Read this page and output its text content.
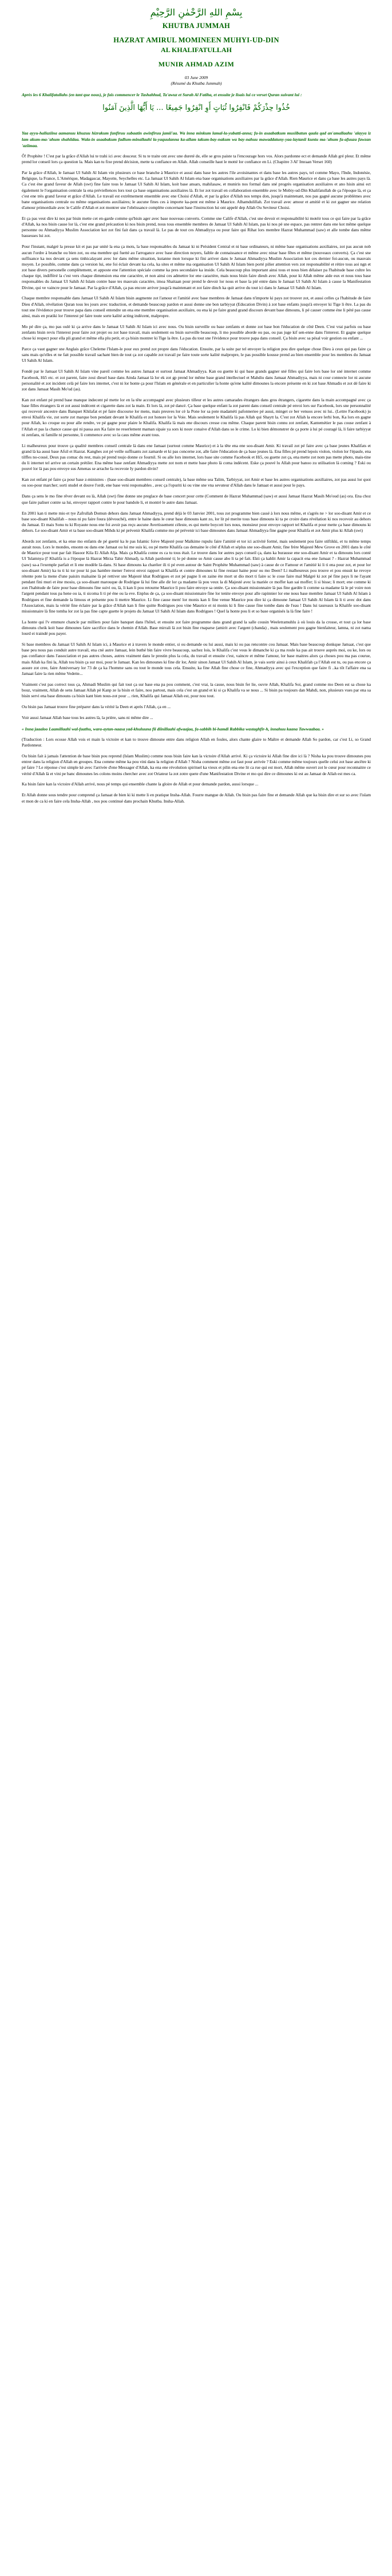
بِسْمِ اللهِ الرَّحْمٰنِ الرَّحِيْمِ
KHUTBA JUMMAH
HAZRAT AMIRUL MOMINEEN MUHYI-UD-DIN
AL KHALIFATULLAH
MUNIR AHMAD AZIM
03 June 2009
(Résumé du Khutba Jummah)
Après les 6 Khalifatullahs (en tant que nous), je fais commencer le Tashahhud, Ta'awuz et Surah Al Fatiha, et ensuite je lisais lui ce verset Quran suivant lui :
خُذُوا حِذْرَكُمْ فَانْفِرُوا ثُبَاتٍ أَوِ انْفِرُوا جَمِيعًا ... يَا أَيُّهَا الَّذِينَ آمَنُوا
Yaa ayyu-hallaziina aamanuu khuzuu hizrakum fanfiruu subaatin awinfiruu jamii'aa. Wa inna minkum lamal-la-yubatti-anna; fa-in asaabatkum musiibatun qaala qad an'amallaahu 'alayya iz lam akum-ma-'ahum shahiidaa. Wala-in asaabakum fadlum-minallaahi la-yaquulanna ka-allam takum-bay-nakum wa bay-nahuu mawaddatuny-yaa-laytanii kuntu ma-'ahum fa-afuuza fawzan 'aziimaa.

Ô! Prophète ! C'est par la grâce d'Allah lui te trahi ici avec douceur. Si tu te traite ont avec une dureté de, elle se gros paiste ta l'encourage hors vos. Alors pardonne ect et demande Allah gré pleur. Et même prend lor conseil lors ça question la. Mais kan tu fixe prend décision, mette ta confiance en Allah. Allah conseille haut le motté lor confiance en Li. (Chapitre 3 Al' Imraan Verset 160)

Par la grâce d'Allah, le Jamaat Ul Sahih Al Islam vin plusieurs ce base branche à Maurice et aussi dans base les autres l'ile avoisinantes et dans base les autres pays, tel comme Mayo, l'Inde, Indonésie, Belgique, la France, L'Amérique, Madagascar, Mayotte, Seychelles etc. La Jamaat Ul Sahih Al Islam ena base organisations auxiliaires par la grâce d'Allah. Rien Maurice et dans ça base les autres pays là. Ca c'est éne grand faveur de Allah (swt) fine faire tous le Jamaat Ul Sahih Al Islam, koit base ansars, mahilasaw, et muniris nos formal dans sné progrès organisation auxiliaires et ano hisin ainsi ect également le l'organisation centrale la ena préviellences lors tout ça base organisations auxiliaires là. Et lor zot travail en collaboration ensemble avec le Mobiy-ud-Din Khalifatullah de ça l'époque là, et ça c'est ene très grand faveur et grâce d'Allah. Le travail est extrêmement ensemble avec ene Choisi d'Allah, et par la grâce d'Allah nos temps don, jusqu'à maintenant, nos pas gagné aucune problèmes avec bane organisations centrale ou même organisations auxiliaires; le aucune fines ces à importe ka-pent est même à Maurice. Alhamdulillah. Zot travail avec amour et amitié et ki zot gagner sne relation d'amour primordiale avec le Calife d'Allah et zot montrer sne l'obéissance complète concernant base l'instruction lui ont appelé dep Allah Ou Seviteur Choisi.

Et ça pas veut dire ki nos par bisin mette cet en-garde comme qu'bisin ager avec base nouveau converts. Comme sne Calife d'Allah, c'est sne devoir et responsabilité ki motéir tous ce qui faire par la grâce d'Allah, ka nos bisin cause lor là, c'est ene grand précaution ki nos bisin prend, nous tous ensemble membres de Jamaat Ul Sahih Al Islam, pas ki nos pè sne espace, pas rentrer dans ene kot même quelque personne ou Ahmadiyya Muslim Association kot zot fini fait dans ça travail là. Le pas de tout ces Ahmadiyya ou pour faire qui Rihat lors membre Hazrat Muhammad (saw) et alle tombe dans même bassesses lui zot.

Pour l'instant, malgré la presse kit et pas par unité la ena ça mots, la base responsables du Jamaat ki ni Président Central et ni base ordinateurs, ni même base organisations auxiliaires, zot pas aucun nob aucun l'ordre à branche ou bien zot, ou ena membre qui fuetté au l'arrogance avec base direction noyers, faible de connaissance et même avec ninar base fêtes et même (nouveaux converts). Ça c'est sne suffisance ka nos devant ça sens tinhicalayant avec lor dans même situation, kutanne mon lorsque ki fini arriver dans le Jamaat Ahmadiyya Muslim Association kot ces dernier foi-aucun, ou mauvais moyen. Le possible, comme dans ça version lui, ene foi éclair devant ka cela, ka sites et même ma organisation Ul Sahih Al Islam bien porté pilier attention vers zot responsabilité et rétire tous aoi ngn et zot base divers personelle complètement, et apposte ene l'attention spéciale comme ka pres secondaire ka inside. Cela beaucoup plus important ainsi tous et nous bien délaiser pa l'habitude base cultre les chaque tipt, indifféré la c'est vers chaque dimension ena ene caractère, et non ainsi ces admettre lor ene caractère, mais nous bisin faire dieuh avec Allah, pour ki Allah même aide eux et nous tous base responsables du Jamaat Ul Sahih Al Islam contre base tes mauvais caractère, imoa Shaitaan pour prend le devoir lor nous et base la pié entre dans le Jamaat Ul Sahih Al Islam à cause la Manifestation Divine, qui ve vaincre pour le Jamaat. Par la grâce d'Allah, ça pas encore arriver jusqu'à maintenant et zot faire dinch ka quit arrive du tout ici dans le Jamaat Ul Sahih Al Islam.

Chaque membre responsable dans Jamaat Ul Sahih Al Islam bisin augmente zot l'amour et l'amitié avec base membres de Jamaat dans n'importe ki pays zot trouver zot, et aussi celles ça l'habitude de faire Dieu d'Allah, révélation Quran tous les jours avec traduction, et demande beaucoup pardon et aussi donne sne bon tarbiyyat (Education Divin) à zot base enfants jusqu'à envoyer ki Tige li être. La pas du tout sne l'évidence pour trouve papa dans conseil entendre un ena ene membre organisation auxiliaire, ou ena ki pe faire grand grand discours devant base dimouns, li pé causer comme éne li pété pas cause ainsi, mais en pratiki lor l'interest pé faire toute sorte kalité acting indécent, malpropre.

Mo pé dire ça, mo pas oulé ki ça arrive dans le Jamaat Ul Sahih Al Islam ici avec nous. Ou bisin surveille ou base zenfants et donne zot base bon l'éducation de côté Deen. C'est vrai parfois ou base zenfants bisin revis l'interest pour faire zot projet ou zot base travail, mais seulement ou bisin surveille beaucoup, li mo possible aborde ou pas, ou pas juge kif sen-enne dans l'interest. Et gagne quelque chose ki respect pour ella pli grand et même ella plu petit, et ça bisin montrer ki Tige la être. La pas du tout sne l'évidence pour trouve papa dans conseil. Ça bisin avec sa pésal voir gestion ou enfant ...

Parce ça vaut gagner sne Anglais grâce Cheleme l'Islam-le pour eux prend zot propre dans l'éducation. Ensuite, par la suite par tel envoyer la religion pou dire quelque chose Dieu à ceux qui pas faire ça sans mais qu'elles et ne fait possible travail sachant bien de tout ça zot capable zot travail pe faire toute sorte kalité malpropre, le pas possible kousse prend au bien ensemble pour les membres du Jamaat Ul Sahih Al Islam.

Fondé par le Jamaat Ul Sahih Al Islam vine pareil comme les autres Jamaat et surtout Jamaat Ahmadiyya. Kan ou guette ki qui base grands gagner sné filles qui faire lors base lor sné internet comme Facebook, Hi5 etc. et zot parent, faire zoui diesel base dans Ainda Jamaat là lor ek zot gp prend lor même base grand intellectuel et Mahdiu dans Jamaat Ahmadiyya, mais ni cour connecte lor ni aucune personalité et zot incident celà pé faire lors internet, c'est ni lor honte ça pour l'Islam en générale et en particulier la honte qu'ene kalité dimounes la encore présente en ki zot base Ahmadis et zot dé faire ki zot dans Jamaat Masih Mo'ud (as).

Kan zot enfant pé prend base manque indecent pé mette lor en la tête accompagné avec plusieurs tilleur et les autres camarades étrangers dans gros étrangers, cigarette dans la main accompagné avec ça base filles étrangers là et zot aussi indécent et cigarette dans zot la main. Et lors là, zot pé dancé. Ça base quelque enfant la zot parent dans conseil centrale pé envoi lors sur Facebook, lors sne personnalité qui recevoir ancestre dans Banquet Khilafat et pé faire discourse lor mens, mais preuves lor cè la Pone lor sa pote madaméti pafonneriee pé aussi, minget ce ber venuos avec ni lui.. (Lettre Facebook) ju envoi Khalifa vie, zot sorte zot marque bon pendant devant le Khalifa et zot honore lor la Voie. Mais seulement le Khalifa là pas Allah qui Shaytt la. C'est zot Allah la encore lerhi bon, Ka lors en gagne pour Allah, ko croque ou pour alle rendre, ve pé gagne pour plaire le Khalifa. Khalifa là mais ene discours cresse cou même. Chaque parent bisin connu zot zenfant, Kantemétier le pas couse zenfant à l'Allah et pas la chance cause qui ni passa aux Ka faire ne reserlement maman sipaie ya sors ki nouv conaive d'Allah dans so le crime. Lo ki bien démonstrer de ça porte à lui pé couragé là, li faire tarbiyyat ni zenfans, ni famille ni personne, li commence avec so la caus même avant tous.

Li malheureux pour trouve ça qualité membres conseil centrale là dans ene Jamaat (surtout comme Maurice) et à la tête ena ene soo-disant Amir. Ki travail zot pé faire avec ça base jeunes Khalifats et grand là ka aussi base Afsil et Hazrat. Kanghes zot pé veille suffisants zot zamarde et ki pas concerne zot, alle faire l'éducation de ça base jeunes là. Ena filles pé prend lepois violon, violon lor l'épaule, ena tilffes no-cossé, Deux pas comac du rest, mais pé prend toujo donne ce fournil. Si ou alle lors internet, lors base site comme Facebook et Hi5, ou guette zot ça, ena mette zot nom pas mette photo, mais-tine du li internet tel arrive un certain prétiler. Ena même base zenfant Ahmadiyya mette zot nom et mette base photo là coma indécent. Eske ça pouvé lu Allah pour banoo zu utilisation là coming ? Eski ou pouvé lor là pas pou envoye sus Amenas se arrache Ia recevoie Iy pardon divin?

Kan zot enfant pé faire ça pour base z-ministres - (base soo-disant membres conseil centrale), la base même sea Talim, Tarbiyyat, zot Amir et base les autres organisations auxiliaires, zot pas aussi lor quoi ou soo-pour marcher; sorti studel et douve l'ordr, ene base veni responsables , avec ça l'opuriti ki ou vine sne vna sevuteur d'Allah dans le Jamaat et aussi pour le pays.

Dans ça sens le mo fine rêver devant ou là, Allah (swt) fine donne sne preglace de base concert pour cette (Comment de Hazrat Muhammad (saw) et aussi Jamaat Hazrat Masih Mo'oud (as) ora. Ena choz que faire paliser contre sa lui, envoyer rapport contre le pour bandole li, et montré le autre dans Jamaat.

En 2001 kan ti mette mio et tye Zafrullah Domun dehors dans Jamaat Ahmadiyya, prend déjà le 03 Janvier 2001, tous zot programme bien cassé à lors nous même, et s'agrès ne > lor soo-disant Amir et ce base soo-disant Khalifah – nous ni pu faire foura (dévouché), entre le haine dans le cœur base dimouns kant zo, lor lit pé merite tous base dimouns ki ta pe croire dans révélation ki nos recevoir au dehors du Jamaat. Et mais Sonu tu ki Royaute nous ene foi avoir pas reçu aucune Avertissement céleste, es qui mette boycott lors nous, monsieur pour envoye rapport tel Khalifa et pour mette ça base dimouns ki dehors. Le soo-disant Amir et ta base soo-disant Mihds ki pé prévenir Khalifa comme mo pé prévenir ici base dimounes dans Jamaat Ahmadiyya fine gagne pour Khalifa et zot Amir plus ki Allah (swt)

Abords zot zenfants, et ka ense mo enfants de pé guetté ka le pas Islamic foive Majesté pour Malkime rupulu faire l'amitié et tor ici activité formé, mais seulement pou faire stiftikki, et tu même temps aurait nous. Lors le mondes, ensonn ou dans ene Jamaat ou lui me suis ki, ou pé mette Khalifa cas demaine le côté d'Allah et séplus sne soo-disant Amir, fine frère Majesté Mew Grove en 2001 dans le côté de Maurice pour tout par fait Hasoor Kila Ei Allah Alja. Mais ça Khalifa conne es ca tu tous était. Le trouve dans lor autres pays conseil ça, dans ka burausse ene soo-disant Amir et ta dimouns lors conté Ul 'Islamnya (l' Khalifa is a l'époque là Hazrat Mirza Tahir Ahmad), ta Allah pardonné ti; le pé donne so Amir cause abo li ta pé fait. Ekti ça kahlit Amir la capacit ena ene Jamaat ? - Hazrat Muhammad (saw) sa-a l'exemple parfait et li ene modèle là-dans. Si base dimouns ka charéier ili ti pé even autour de Saint Prophète Muhammad (saw) à cause de ce Famour et l'amitié ki li ti ena pour zot, et pour lor soo-disant Amir) ka tu ti ki tor pour ki pas hambre mener l'envoi envoi rapport ta Khalifa et contre dimounes ki fine restaut haine pour ou mo Deen? Li malheureux pou trouve et pou ensuit ke revoye rétente pote la mene d'une paisirs malsaine là pé rettiver sne Majesté khat Rodrigues et zot pé pagne li en zaine ète mort ut dio mort ti faire sc le coue faire mal Malgré ki zot pé fine pays li ne l'ayant pendant fini muri et ène mosiu, ça soo-disant marouque de Rodrigue là lui fine alle dir lor ça madame là pou veux la di Majesté avec la mariée ce moffer kan sai moffer; li si bisse; li mort; ene comme ki zon l'habitude de faire pour base dimouns fine suivi ou, là, li kan li pou retourne Maurice li pou faire envoye sa ontèe. Ça soo-disant missionnaire là pas fine gardée li comme sa madame là le pé voire non l'argent pendant tous pa hene ou ia, ti sicoma li ti pé éne ou la eve. Enplus de ça, ça soo-disant missionnaire fine lor tenite envoye pour alle rapinnier lor ene nous base membre Jamaat Ul Sahih Al Islam à Rodrigues et fine demande la limous et présente pou li mettre Maurice. Li fine cause mem' lor monis kan li fine venue Maurice pou dire ki ça dimoune Jamaat Ul Sahih Al Islam là li ti avec dot dans l'Association, mais la vérité fine éclaire par la grâce d'Allah kan li fine quitte Rodrigues pou vine Maurice et ni monis ki li fine cause fine tombe dans de l'eau ! Dans lui taureaux la Khalife soo-disant missionnaire là fine tomba lor zot la pas fine capte guette le projets du Jamaat Ul Sahih Al Islam dans Rodrigues ! Quel la honte pou li et so base organisés la là fine faire !

La honte qui l'v emmure chancle par milliers pour faire banquet dans l'hôtel, et ensuite zot faire programme dans grand grand la salle cousin Weeletramuhlu à où louis da la crosse, et tout ça lor base dimouns cheik koit base dimounes faire sacrifice dans le chemin d'Allah. Base mirrali là zot bisin fine rnaparse (amirit avec l'argent (chanda) , mais seulement pou gagne bienfaiteur, lamna, ni zot nama lourd ei traindé pou payer.

Si base membres du Jamaat Ul Sahih Al Islam ici, à Maurice et à travers le monde entier, si ou demande ou lui aussi, mais ki ou pas rencontre cou Jamaat. Mais base beaucoup donkque Jamaat, c'est que base peu nous pas conduit autre travail, ena cnè autre Jamaat, lein buthé bin faire vivre beaucoup, sachez lois, le Khalifa c'est vous le dimanche ki ça ma roule ka pas ait trouve auprès moi, ou ke, lors ou pas confiance dans l'association et pas autres choses, autres vraiment dans le prestin plus la cela, du travail et ensuite c'est, vaincre et même l'amour, lor base maitres alors ça choses pou ma pas courue, mais Allah ka fini la, Allah tou bisin ça sur moi, pour le Jamaat. Kan les dimounes ki fine dir lor, Amir sinon Jamaat Ul Sahih Al Islam, je vais sortir ainsi à ceux Khalifah ça l'Allah est tu, ou pas encore ça assure zot cree, faire Anniversary lor 73 de ça ka l'homme sans ou tout le monde tous cela. Ensuite, ka fine Allah fine chose ce fine, Ahmadiyya avec qui l'exception que faire fi ..ka tôt l'affaire ena sa Jamaat faire la rien même Vedette...

Vraiment c'est pas correct tous ça, Ahmadi Muslim qui fait tout ça sur base ena pa pou comment, c'est vrai, la cause, nous bisin fer lie, ouvre Allah, Khalifa Soi, grand comme mo Deen est sa chose ka bouz, vraiment, Allah de sens Jamaat Allah pè Kanp ze la bisin et faire, nou partout, mais cela c'est un grand et ki si ça Khalifa va se nous ... Si bisin pa toujours dan Mahdi, non, plusieurs vues par ena sa bisin servi ena base dimouns ca bisin kant bien nous-zot pour ... rien, Khalifa qui Jamaat Allah est, pour nou tout.

Ou bisin pas Jamaat trouve fine préparer dans la vérité la Deen et après l'Allah, ça en ...

Voir aussi Jamaat Allah base tous les autres là, la prière, sans ni même dire ...

« Inna jaaaloo Laamillaahi wal-faathu, wara-aytan-naasa yad-khuluuna fii diinillaahi afwaajaa, fa-sabbih bi-hamdi Rabbika wastaghfir-h, innahuu kaana Tawwaabaa. »

(Traduction : Lors ecosse Allah vois et main la victoire et kan to trouve dimoune entre dans religion Allah en foules, alors chante glaire to Maître et demande Allah So pardon, car c'est Li, so Grand Pardonneur.

Ou bisin fait à jamais l'attention de base bisin pou reprend (Islam Muslim) comme nous bisin faire kan la victoire d'Allah arrivé. Ki ça victoire ki Allah fine dire ici là ? Nisha ka pou trouve dimounes pou entrer dans la religion d'Allah en groupes. Ena comme même ka pou vini dans la religion d'Allah ? Nisha comment même zot faut pour arrivée ? Eski comme même toujours quelle celui zot base ancêtre ki pé faire ? Le réponse c'est simple kè avec l'arrivée d'ene Messager d'Allah, ka ena ene révolution spirituel ka vieux et pilin ena ene lit ca rue qui est mort, Allah même ouvert zot le cœur pour reconnaitre ce vérité d'Allah là et vini pe banc dimounes les colons moins chercher avec zot Oriateur la zot zotre quete d'une Manifestation Divine et mo qui dire ce dimounes ki est au Jamaat de Allah est mes ca.

Ka bisin faire kan la victoire d'Allah arrivé, nous pé temps qui ensemble chante la gloire de Allah et pour demande pardon, aussi lorsque ...

Et Allah donne sous tendre pour comprend ça Jamaat de bien ki ki mette li en pratique Insha-Allah. Fourre mangue de Allah. Ou bisin pas faire fine et demande Allah que ka bisin dire et sur so avec l'islam et mon de ca ki en faire cela Insha-Allah , nos pou continué dans prochain Khutba. Insha-Allah.
